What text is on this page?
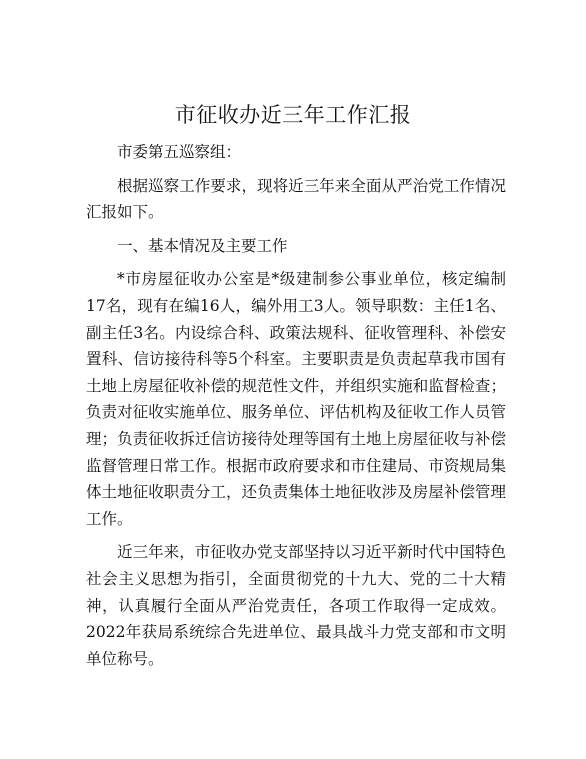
市征收办近三年工作汇报

市委第五巡察组：

根据巡察工作要求，现将近三年来全面从严治党工作情况汇报如下。

一、基本情况及主要工作

*市房屋征收办公室是*级建制参公事业单位，核定编制17名，现有在编16人，编外用工3人。领导职数：主任1名、副主任3名。内设综合科、政策法规科、征收管理科、补偿安置科、信访接待科等5个科室。主要职责是负责起草我市国有土地上房屋征收补偿的规范性文件，并组织实施和监督检查；负责对征收实施单位、服务单位、评估机构及征收工作人员管理；负责征收拆迁信访接待处理等国有土地上房屋征收与补偿监督管理日常工作。根据市政府要求和市住建局、市资规局集体土地征收职责分工，还负责集体土地征收涉及房屋补偿管理工作。

近三年来，市征收办党支部坚持以习近平新时代中国特色社会主义思想为指引，全面贯彻党的十九大、党的二十大精神，认真履行全面从严治党责任，各项工作取得一定成效。2022年获局系统综合先进单位、最具战斗力党支部和市文明单位称号。
